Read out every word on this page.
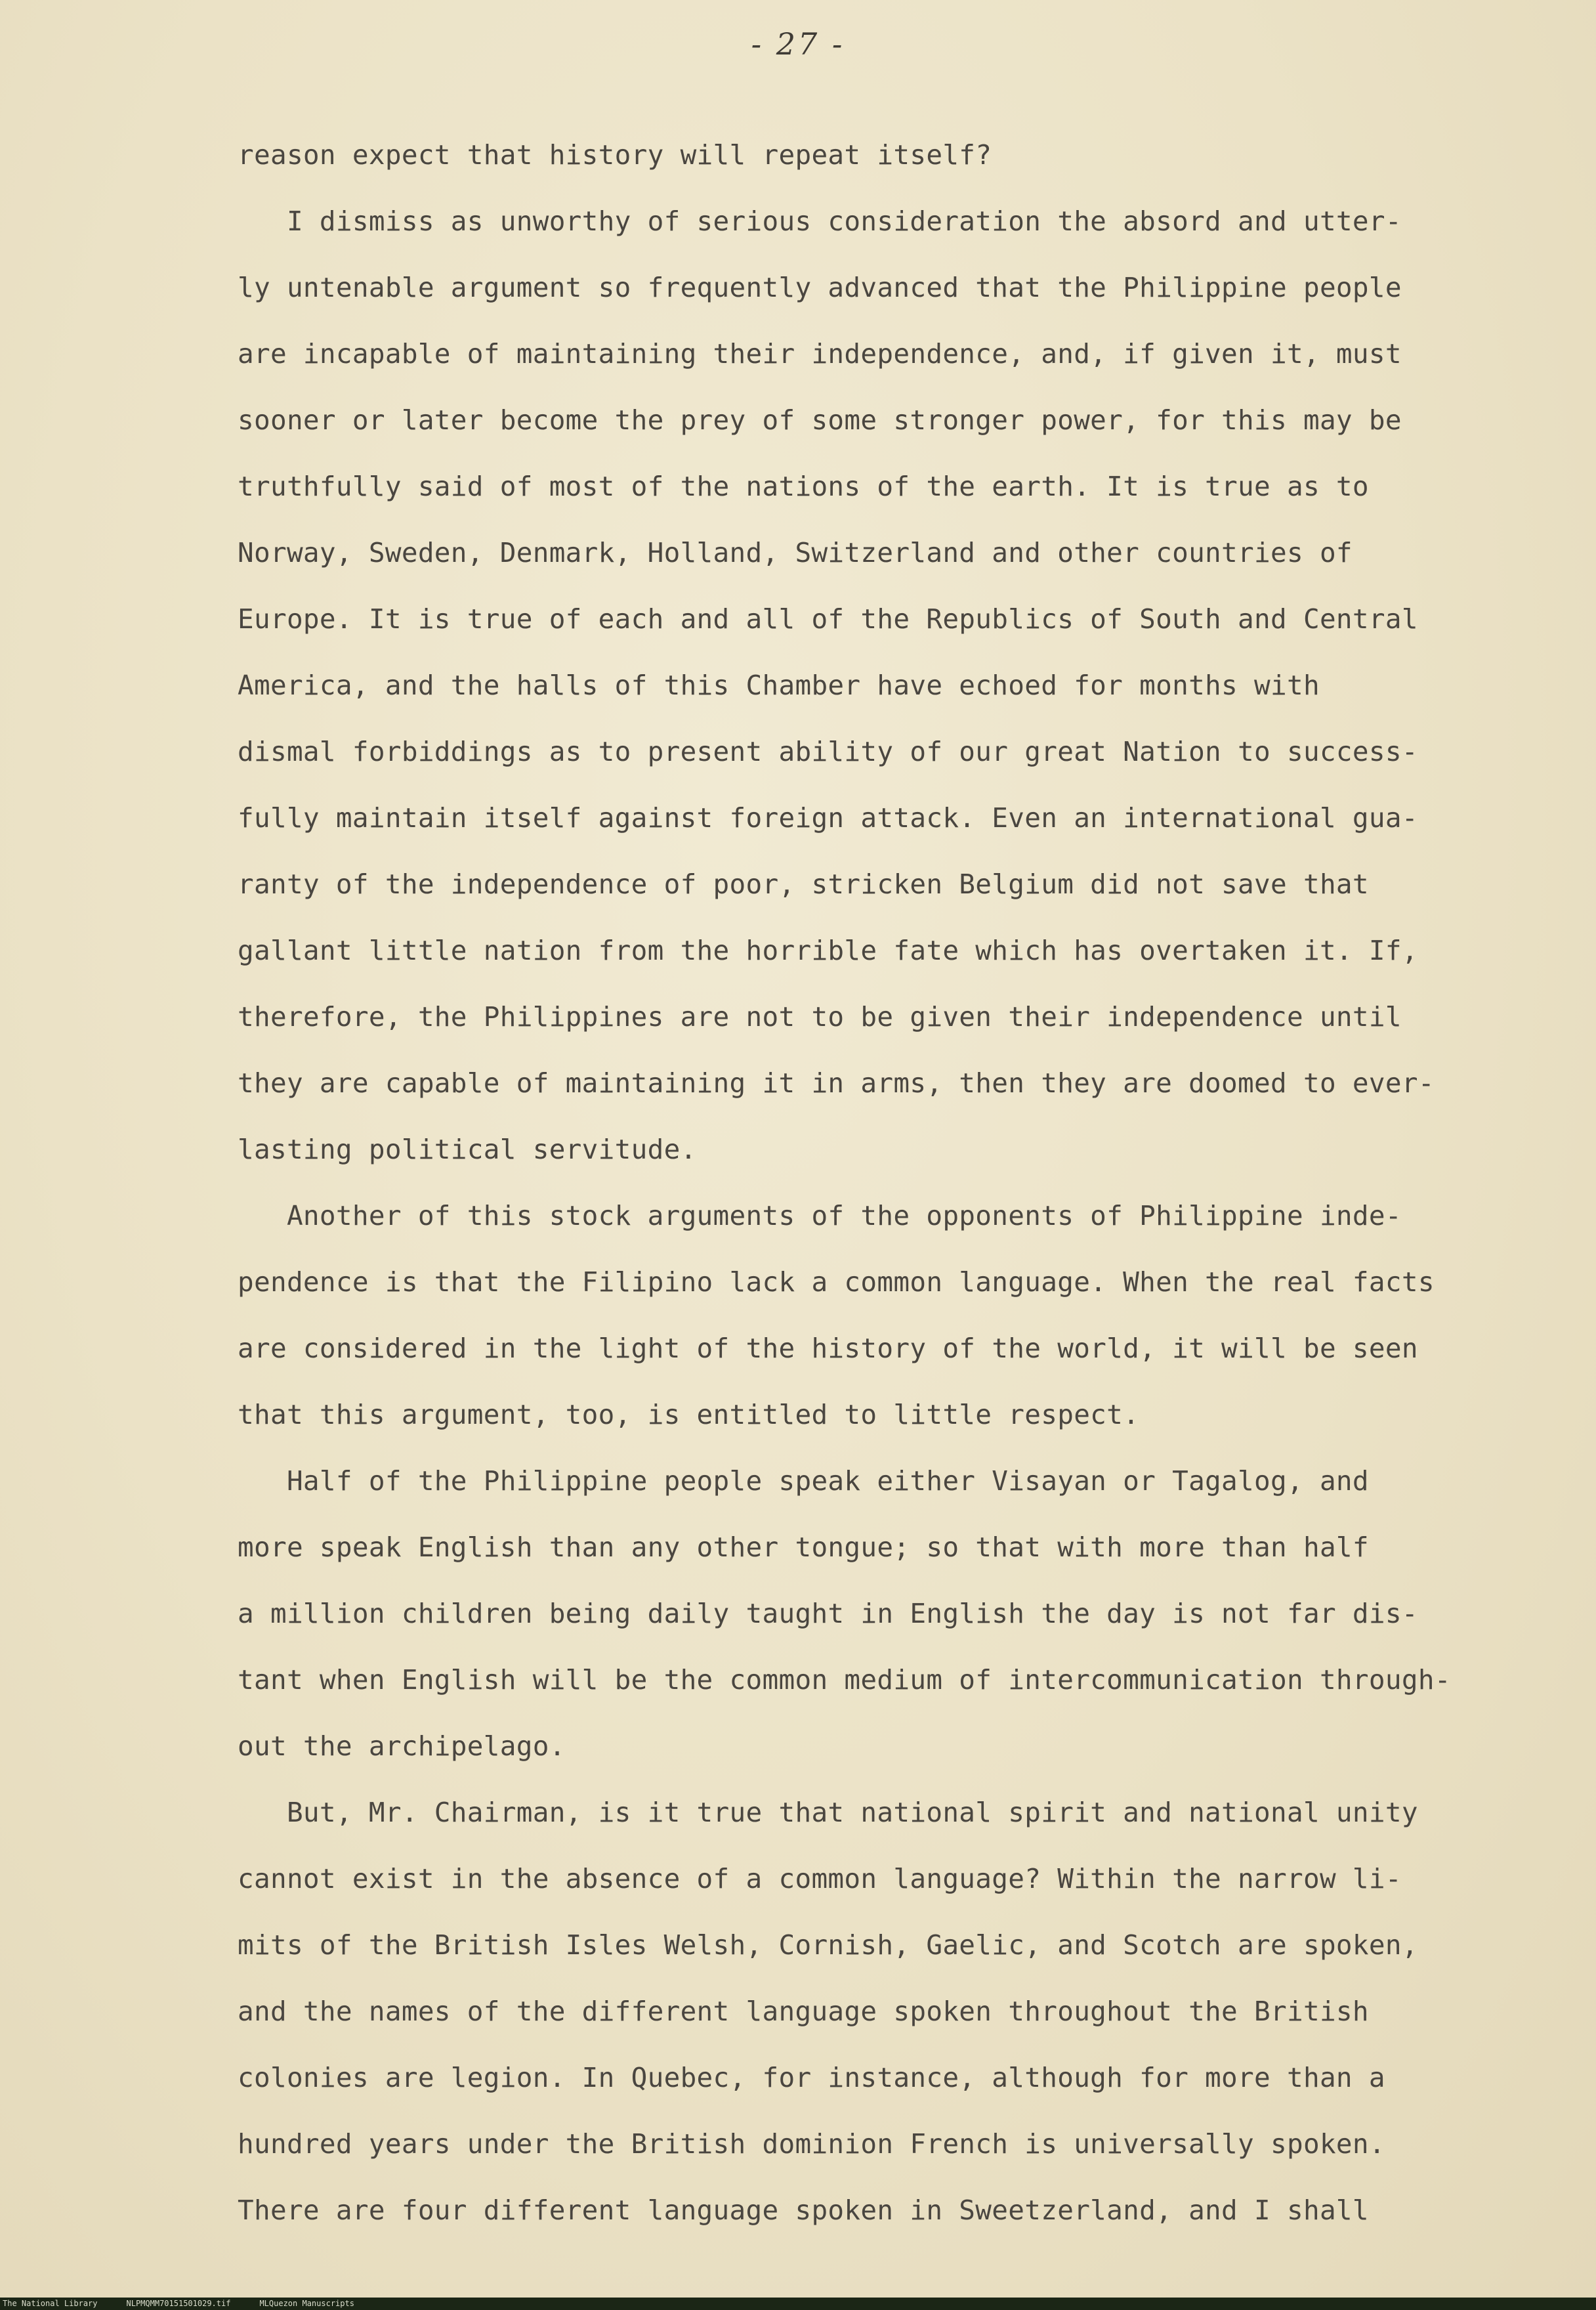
- 27 -
reason expect that history will repeat itself?
I dismiss as unworthy of serious consideration the absord and utter-
ly untenable argument so frequently advanced that the Philippine people
are incapable of maintaining their independence, and, if given it, must
sooner or later become the prey of some stronger power, for this may be
truthfully said of most of the nations of the earth. It is true as to
Norway, Sweden, Denmark, Holland, Switzerland and other countries of
Europe. It is true of each and all of the Republics of South and Central
America, and the halls of this Chamber have echoed for months with
dismal forbiddings as to present ability of our great Nation to success-
fully maintain itself against foreign attack. Even an international gua-
ranty of the independence of poor, stricken Belgium did not save that
gallant little nation from the horrible fate which has overtaken it. If,
therefore, the Philippines are not to be given their independence until
they are capable of maintaining it in arms, then they are doomed to ever-
lasting political servitude.
Another of this stock arguments of the opponents of Philippine inde-
pendence is that the Filipino lack a common language. When the real facts
are considered in the light of the history of the world, it will be seen
that this argument, too, is entitled to little respect.
Half of the Philippine people speak either Visayan or Tagalog, and
more speak English than any other tongue; so that with more than half
a million children being daily taught in English the day is not far dis-
tant when English will be the common medium of intercommunication through-
out the archipelago.
But, Mr. Chairman, is it true that national spirit and national unity
cannot exist in the absence of a common language? Within the narrow li-
mits of the British Isles Welsh, Cornish, Gaelic, and Scotch are spoken,
and the names of the different language spoken throughout the British
colonies are legion. In Quebec, for instance, although for more than a
hundred years under the British dominion French is universally spoken.
There are four different language spoken in Sweetzerland, and I shall
The National Library	NLPMQMM70151501029.tif	MLQuezon Manuscripts
